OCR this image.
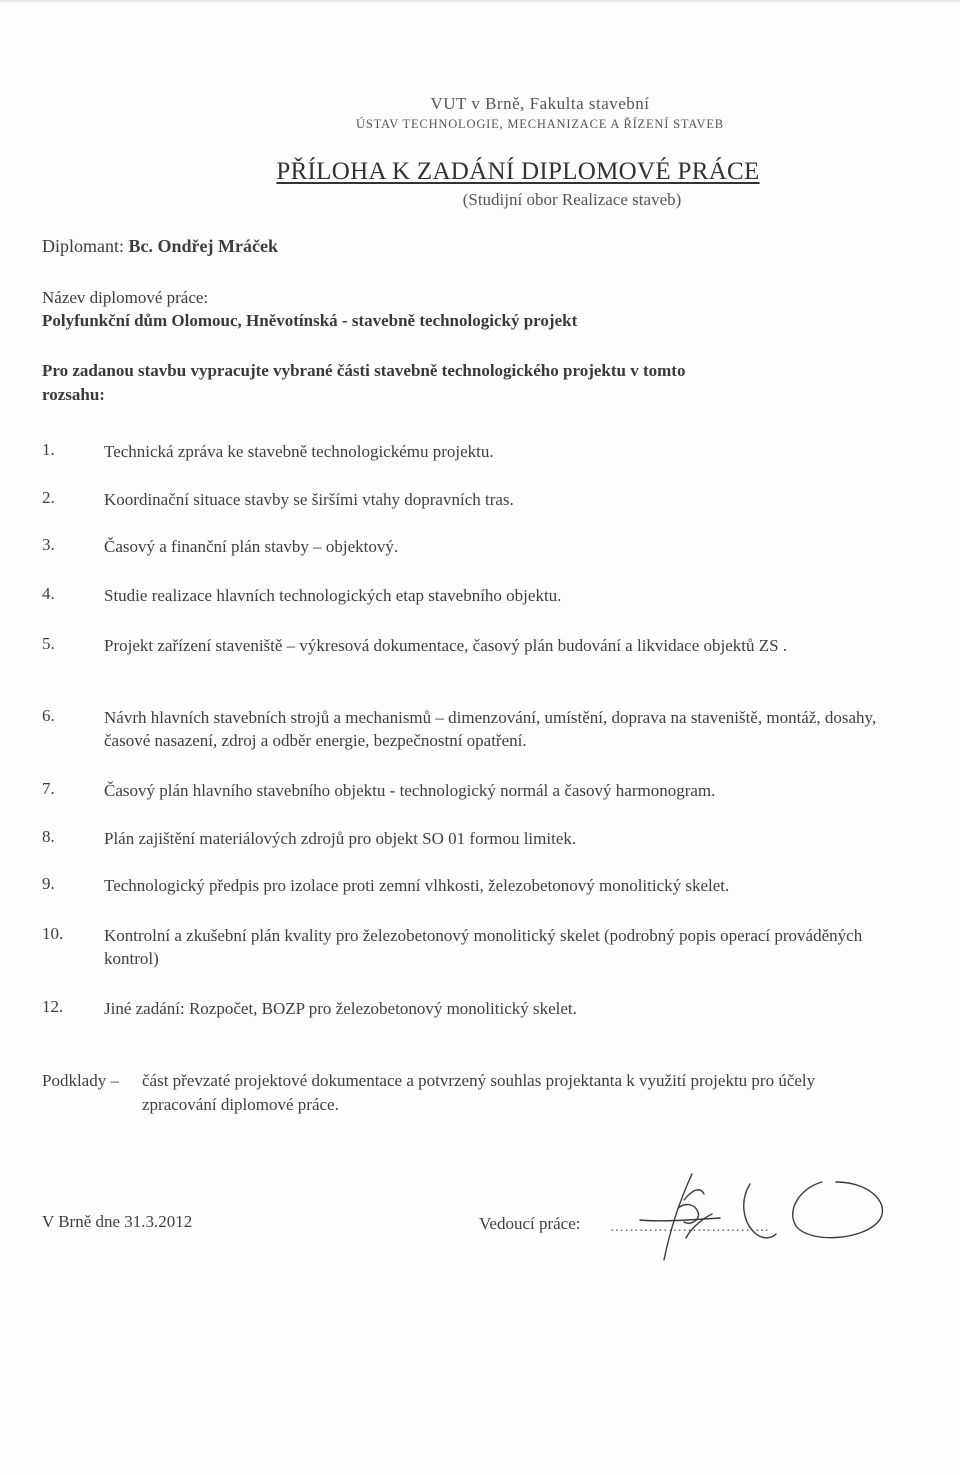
VUT v Brně, Fakulta stavební
ÚSTAV TECHNOLOGIE, MECHANIZACE A ŘÍZENÍ STAVEB
PŘÍLOHA K ZADÁNÍ DIPLOMOVÉ PRÁCE
(Studijní obor Realizace staveb)
Diplomant: Bc. Ondřej Mráček
Název diplomové práce:
Polyfunkční dům Olomouc, Hněvotínská - stavebně technologický projekt
Pro zadanou stavbu vypracujte vybrané části stavebně technologického projektu v tomto
rozsahu:
1.	Technická zpráva ke stavebně technologickému projektu.
2.	Koordinační situace stavby se širšími vtahy dopravních tras.
3.	Časový a finanční plán stavby – objektový.
4.	Studie realizace hlavních technologických etap stavebního objektu.
5.	Projekt zařízení staveniště – výkresová dokumentace, časový plán budování a likvidace objektů ZS .
6.	Návrh hlavních stavebních strojů a mechanismů – dimenzování, umístění, doprava na staveniště, montáž, dosahy, časové nasazení, zdroj a odběr energie, bezpečnostní opatření.
7.	Časový plán hlavního stavebního objektu - technologický normál a časový harmonogram.
8.	Plán zajištění materiálových zdrojů pro objekt SO 01 formou limitek.
9.	Technologický předpis pro izolace proti zemní vlhkosti, železobetonový monolitický skelet.
10. Kontrolní a zkušební plán kvality pro železobetonový monolitický skelet (podrobný popis operací prováděných kontrol)
12. Jiné zadání: Rozpočet, BOZP pro železobetonový monolitický skelet.
Podklady – část převzaté projektové dokumentace a potvrzený souhlas projektanta k využití projektu pro účely zpracování diplomové práce.
V Brně dne 31.3.2012	Vedoucí práce: ……………………………
